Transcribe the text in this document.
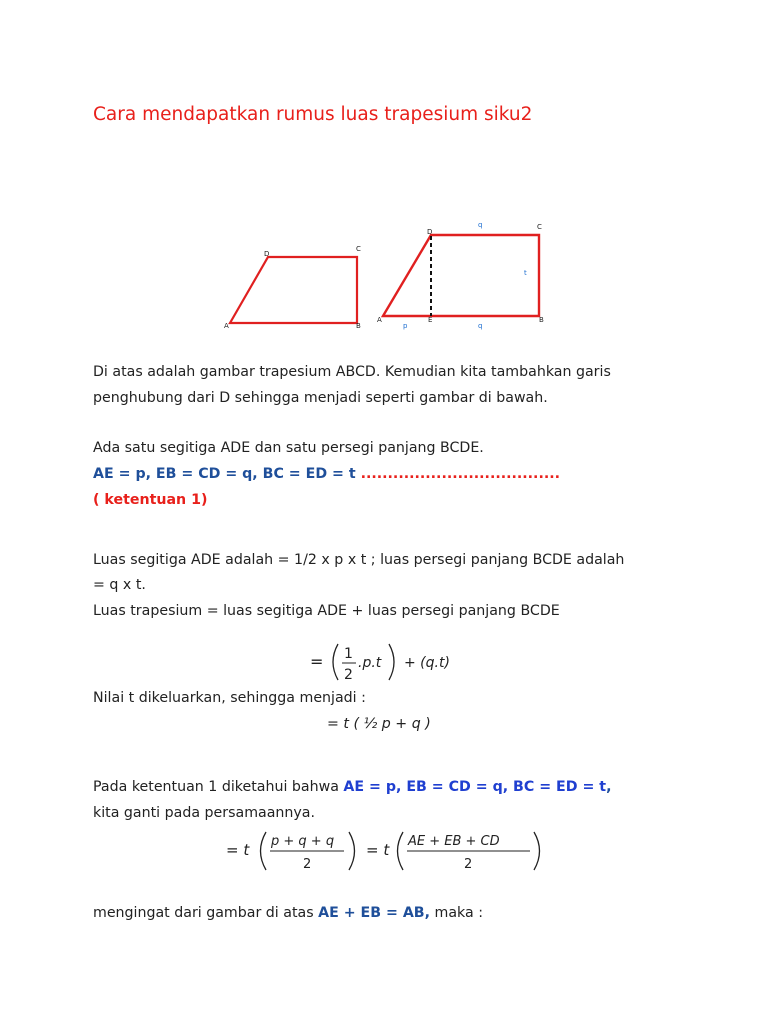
Cara mendapatkan rumus luas trapesium siku2
A	B
C
D
A	E	B
C
D
p	q
q
t
Di atas adalah gambar trapesium ABCD. Kemudian kita tambahkan garis
penghubung dari D sehingga menjadi seperti gambar di bawah.
Ada satu segitiga ADE dan satu persegi panjang BCDE.
AE = p, EB = CD = q, BC = ED = t .....................................
( ketentuan 1)
Luas segitiga ADE adalah = 1/2 x p x t ; luas persegi panjang BCDE adalah
= q x t.
Luas trapesium = luas segitiga ADE + luas persegi panjang BCDE
= 1
2
.p.t + (q.t)
Nilai t dikeluarkan, sehingga menjadi :
= t ( ½ p + q )
Pada ketentuan 1 diketahui bahwa AE = p, EB = CD = q, BC = ED = t,
kita ganti pada persamaannya.
= t p + q + q
2
= t AE + EB + CD
2
mengingat dari gambar di atas AE + EB = AB, maka :
